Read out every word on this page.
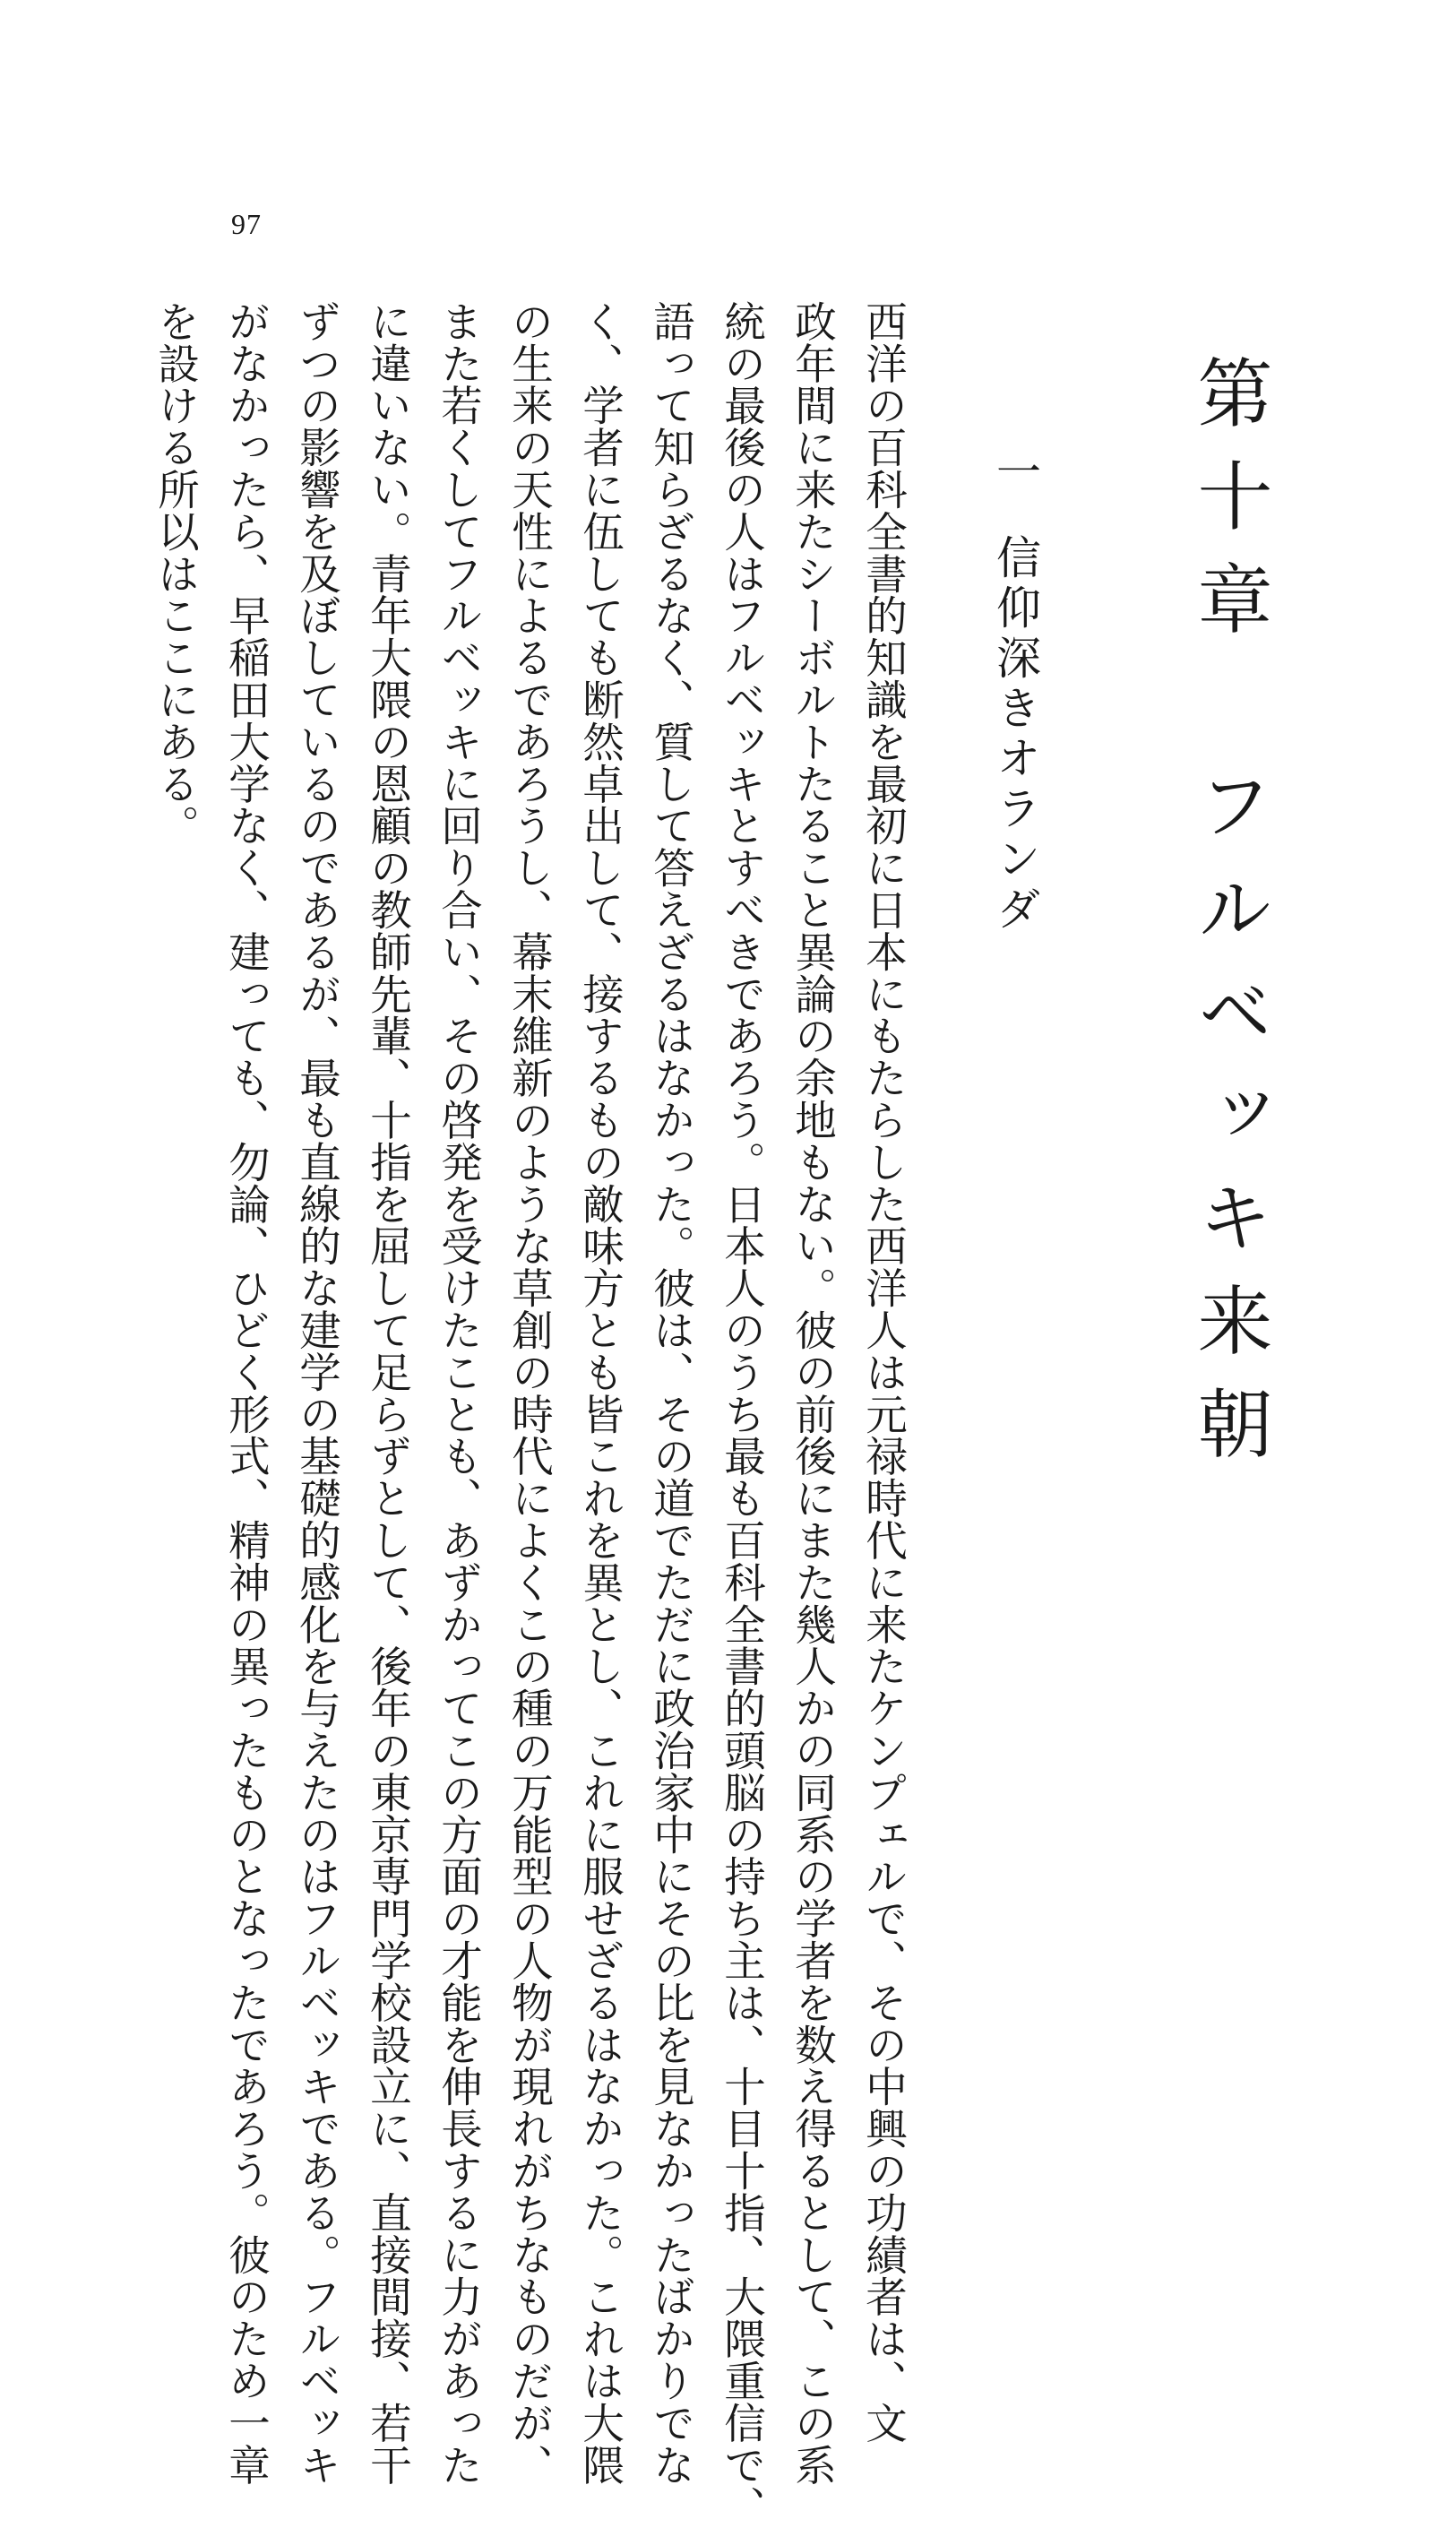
第十章　フルベッキ来朝
一信仰深きオランダ
西洋の百科全書的知識を最初に日本にもたらした西洋人は元禄時代に来たケンプェルで、その中興の功績者は、文
政年間に来たシーボルトたること異論の余地もない。彼の前後にまた幾人かの同系の学者を数え得るとして、この系
統の最後の人はフルベッキとすべきであろう。日本人のうち最も百科全書的頭脳の持ち主は、十目十指、大隈重信で、
語って知らざるなく、質して答えざるはなかった。彼は、その道でただに政治家中にその比を見なかったばかりでな
く、学者に伍しても断然卓出して、接するもの敵味方とも皆これを異とし、これに服せざるはなかった。これは大隈
の生来の天性によるであろうし、幕末維新のような草創の時代によくこの種の万能型の人物が現れがちなものだが、
また若くしてフルベッキに回り合い、その啓発を受けたことも、あずかってこの方面の才能を伸長するに力があった
に違いない。青年大隈の恩顧の教師先輩、十指を屈して足らずとして、後年の東京専門学校設立に、直接間接、若干
ずつの影響を及ぼしているのであるが、最も直線的な建学の基礎的感化を与えたのはフルベッキである。フルベッキ
がなかったら、早稲田大学なく、建っても、勿論、ひどく形式、精神の異ったものとなったであろう。彼のため一章
を設ける所以はここにある。
97
